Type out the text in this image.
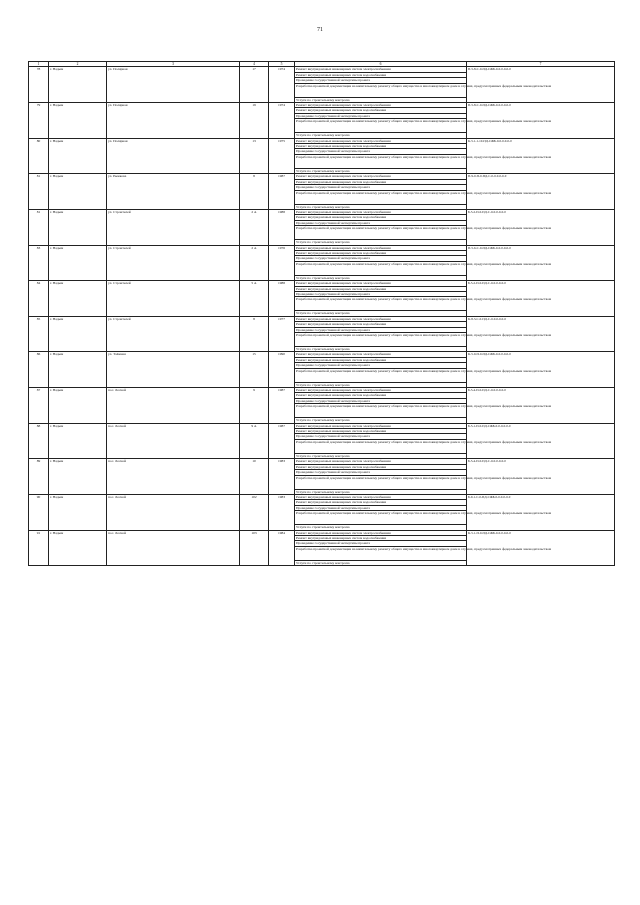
71
1	2	3	4	5	6	7
78	г. Надым	ул. Полярная	17	1974	Ремонт внутридомовых инженерных систем электроснабжения	П-5-8-С-0-ПД-СЖБ-0-0-0-0-0-0
					Ремонт внутридомовых инженерных систем водоснабжения	
					Проведение государственной экспертизы проекта	
					Разработка проектной документации на капитальному ремонту общего имущества в многоквартирном доме в случаях, предусмотренных федеральным законодательством	
					Услуги по строительному контролю	
79	г. Надым	ул. Полярная	19	1974	Ремонт внутридомовых инженерных систем электроснабжения	П-5-8-С-0-ПД-СЖБ-0-0-0-0-0-0
					Ремонт внутридомовых инженерных систем водоснабжения	
					Проведение государственной экспертизы проекта	
					Разработка проектной документации на капитальному ремонту общего имущества в многоквартирном доме в случаях, предусмотренных федеральным законодательством	
					Услуги по строительному контролю	
80	г. Надым	ул. Полярная	13	1975	Ремонт внутридомовых инженерных систем электроснабжения	К-5-1-1-10-ПД-СЖБ-0-0-0-0-0-0
					Ремонт внутридомовых инженерных систем водоснабжения	
					Проведение государственной экспертизы проекта	
					Разработка проектной документации на капитальному ремонту общего имущества в многоквартирном доме в случаях, предусмотренных федеральным законодательством	
					Услуги по строительному контролю	
81	г. Надым	ул. Рыжкова	8	1987	Ремонт внутридомовых инженерных систем электроснабжения	П-9-0-П-0-ПД-С-0-0-0-0-0-0
					Ремонт внутридомовых инженерных систем водоснабжения	
					Проведение государственной экспертизы проекта	
					Разработка проектной документации на капитальному ремонту общего имущества в многоквартирном доме в случаях, предусмотренных федеральным законодательством	
					Услуги по строительному контролю	
81	г. Надым	ул. Строителей	2 А	1988	Ремонт внутридомовых инженерных систем электроснабжения	Б-5-2-П-0-ПД-С-0-0-0-0-0-0
					Ремонт внутридомовых инженерных систем водоснабжения	
					Проведение государственной экспертизы проекта	
					Разработка проектной документации на капитальному ремонту общего имущества в многоквартирном доме в случаях, предусмотренных федеральным законодательством	
					Услуги по строительному контролю	
83	г. Надым	ул. Строителей	2 А	1976	Ремонт внутридомовых инженерных систем электроснабжения	П-5-6-С-0-ПД-СЖБ-0-0-0-0-0-0
					Ремонт внутридомовых инженерных систем водоснабжения	
					Проведение государственной экспертизы проекта	
					Разработка проектной документации на капитальному ремонту общего имущества в многоквартирном доме в случаях, предусмотренных федеральным законодательством	
					Услуги по строительному контролю	
84	г. Надым	ул. Строителей	5 А	1988	Ремонт внутридомовых инженерных систем электроснабжения	Б-5-2-П-0-ПД-С-0-0-0-0-0-0
					Ремонт внутридомовых инженерных систем водоснабжения	
					Проведение государственной экспертизы проекта	
					Разработка проектной документации на капитальному ремонту общего имущества в многоквартирном доме в случаях, предусмотренных федеральным законодательством	
					Услуги по строительному контролю	
85	г. Надым	ул. Строителей	8	1977	Ремонт внутридомовых инженерных систем электроснабжения	К-8-3-С-0-ПД-С-0-0-0-0-0-0
					Ремонт внутридомовых инженерных систем водоснабжения	
					Проведение государственной экспертизы проекта	
					Разработка проектной документации на капитальному ремонту общего имущества в многоквартирном доме в случаях, предусмотренных федеральным законодательством	
					Услуги по строительному контролю	
86	г. Надым	ул. Таёжная	15	1990	Ремонт внутридомовых инженерных систем электроснабжения	К-5-0-П-0-ПД-СЖБ-0-0-0-0-0-0
					Ремонт внутридомовых инженерных систем водоснабжения	
					Проведение государственной экспертизы проекта	
					Разработка проектной документации на капитальному ремонту общего имущества в многоквартирном доме в случаях, предусмотренных федеральным законодательством	
					Услуги по строительному контролю	
87	г. Надым	пос. Лесной	9	1987	Ремонт внутридомовых инженерных систем электроснабжения	Б-5-4-П-0-ПД-С-0-0-0-0-0-0
					Ремонт внутридомовых инженерных систем водоснабжения	
					Проведение государственной экспертизы проекта	
					Разработка проектной документации на капитальному ремонту общего имущества в многоквартирном доме в случаях, предусмотренных федеральным законодательством	
					Услуги по строительному контролю	
88	г. Надым	пос. Лесной	9 А	1987	Ремонт внутридомовых инженерных систем электроснабжения	Б-5-1-П-0-ПД-СЖБ-0-0-0-0-0-0
					Ремонт внутридомовых инженерных систем водоснабжения	
					Проведение государственной экспертизы проекта	
					Разработка проектной документации на капитальному ремонту общего имущества в многоквартирном доме в случаях, предусмотренных федеральным законодательством	
					Услуги по строительному контролю	
89	г. Надым	пос. Лесной	10	1983	Ремонт внутридомовых инженерных систем электроснабжения	Б-5-4-П-0-ПД-С-0-0-0-0-0-0
					Ремонт внутридомовых инженерных систем водоснабжения	
					Проведение государственной экспертизы проекта	
					Разработка проектной документации на капитальному ремонту общего имущества в многоквартирном доме в случаях, предусмотренных федеральным законодательством	
					Услуги по строительному контролю	
90	г. Надым	пос. Лесной	102	1983	Ремонт внутридомовых инженерных систем электроснабжения	Б-9-1-С-0-ПД-СЖБ-0-0-0-0-0-0
					Ремонт внутридомовых инженерных систем водоснабжения	
					Проведение государственной экспертизы проекта	
					Разработка проектной документации на капитальному ремонту общего имущества в многоквартирном доме в случаях, предусмотренных федеральным законодательством	
					Услуги по строительному контролю	
91	г. Надым	пос. Лесной	103	1984	Ремонт внутридомовых инженерных систем электроснабжения	К-5-1-П-0-ПД-СЖБ-0-0-0-0-0-0
					Ремонт внутридомовых инженерных систем водоснабжения	
					Проведение государственной экспертизы проекта	
					Разработка проектной документации на капитальному ремонту общего имущества в многоквартирном доме в случаях, предусмотренных федеральным законодательством	
					Услуги по строительному контролю	
